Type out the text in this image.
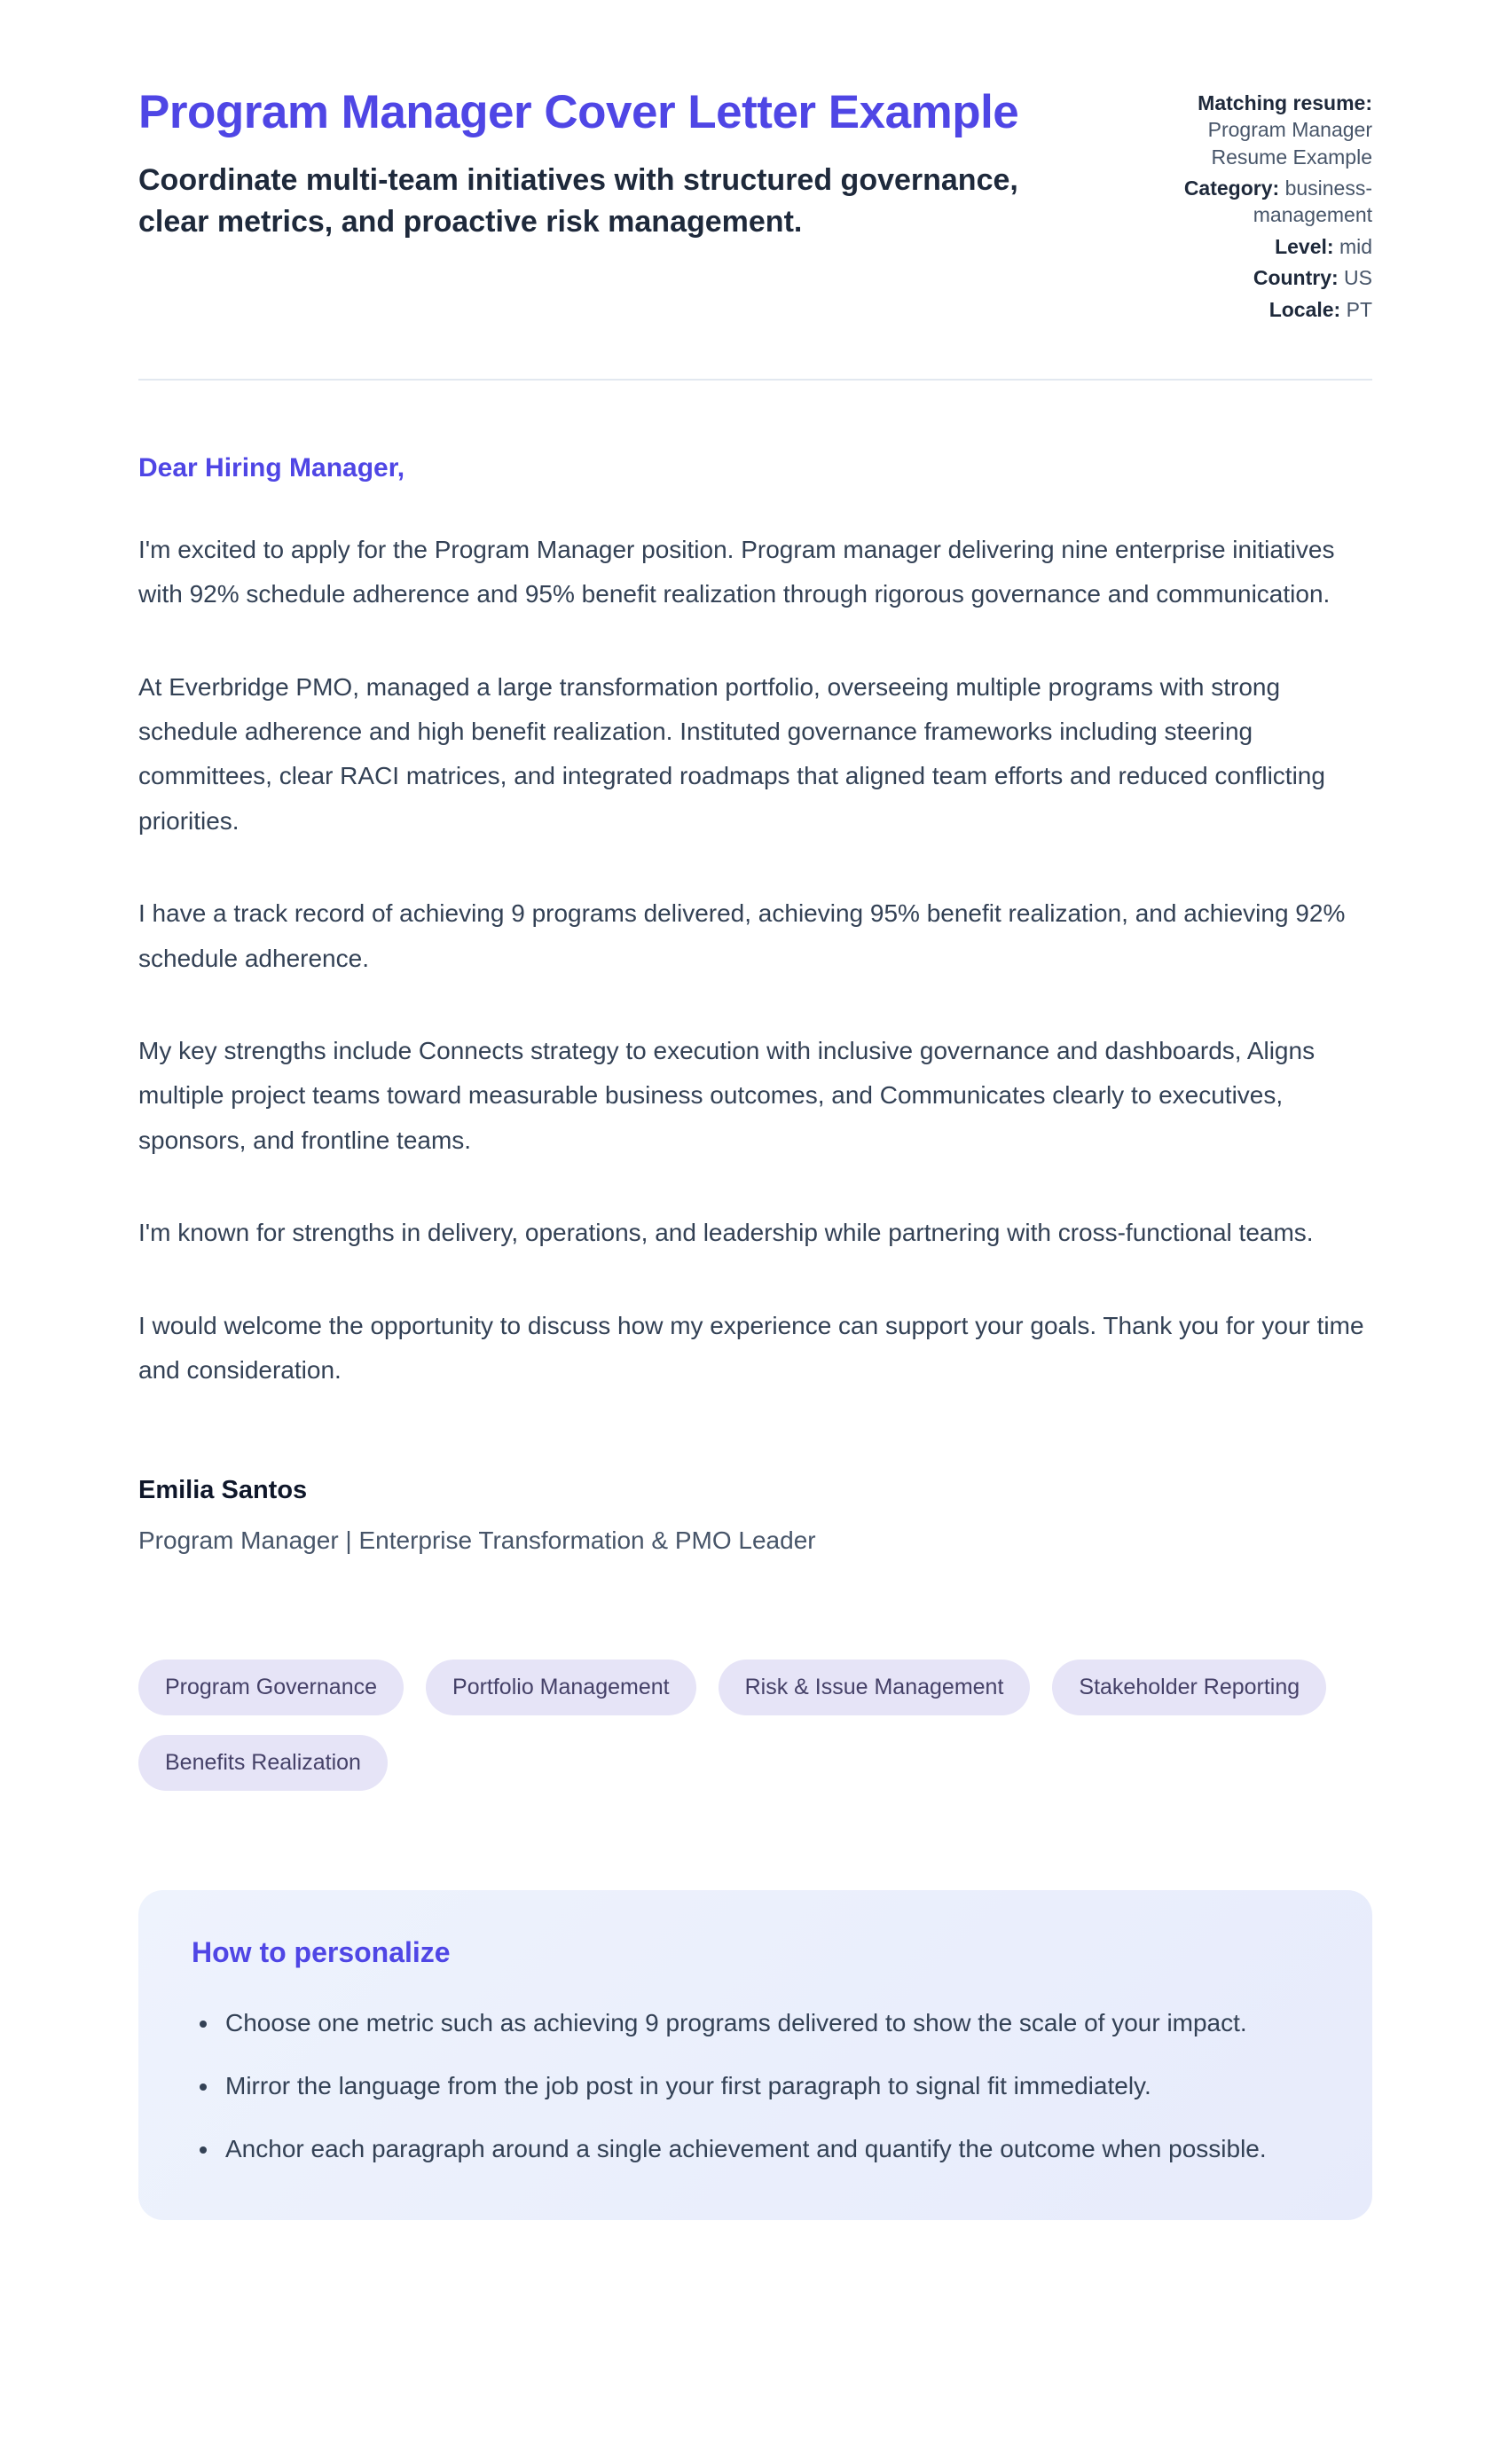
Program Manager Cover Letter Example

Coordinate multi-team initiatives with structured governance, clear metrics, and proactive risk management.

Matching resume: Program Manager Resume Example
Category: business-management
Level: mid
Country: US
Locale: PT

Dear Hiring Manager,

I'm excited to apply for the Program Manager position. Program manager delivering nine enterprise initiatives with 92% schedule adherence and 95% benefit realization through rigorous governance and communication.

At Everbridge PMO, managed a large transformation portfolio, overseeing multiple programs with strong schedule adherence and high benefit realization. Instituted governance frameworks including steering committees, clear RACI matrices, and integrated roadmaps that aligned team efforts and reduced conflicting priorities.

I have a track record of achieving 9 programs delivered, achieving 95% benefit realization, and achieving 92% schedule adherence.

My key strengths include Connects strategy to execution with inclusive governance and dashboards, Aligns multiple project teams toward measurable business outcomes, and Communicates clearly to executives, sponsors, and frontline teams.

I'm known for strengths in delivery, operations, and leadership while partnering with cross-functional teams.

I would welcome the opportunity to discuss how my experience can support your goals. Thank you for your time and consideration.

Emilia Santos
Program Manager | Enterprise Transformation & PMO Leader
Program Governance	Portfolio Management	Risk & Issue Management	Stakeholder Reporting
Benefits Realization
How to personalize
• Choose one metric such as achieving 9 programs delivered to show the scale of your impact.
• Mirror the language from the job post in your first paragraph to signal fit immediately.
• Anchor each paragraph around a single achievement and quantify the outcome when possible.
